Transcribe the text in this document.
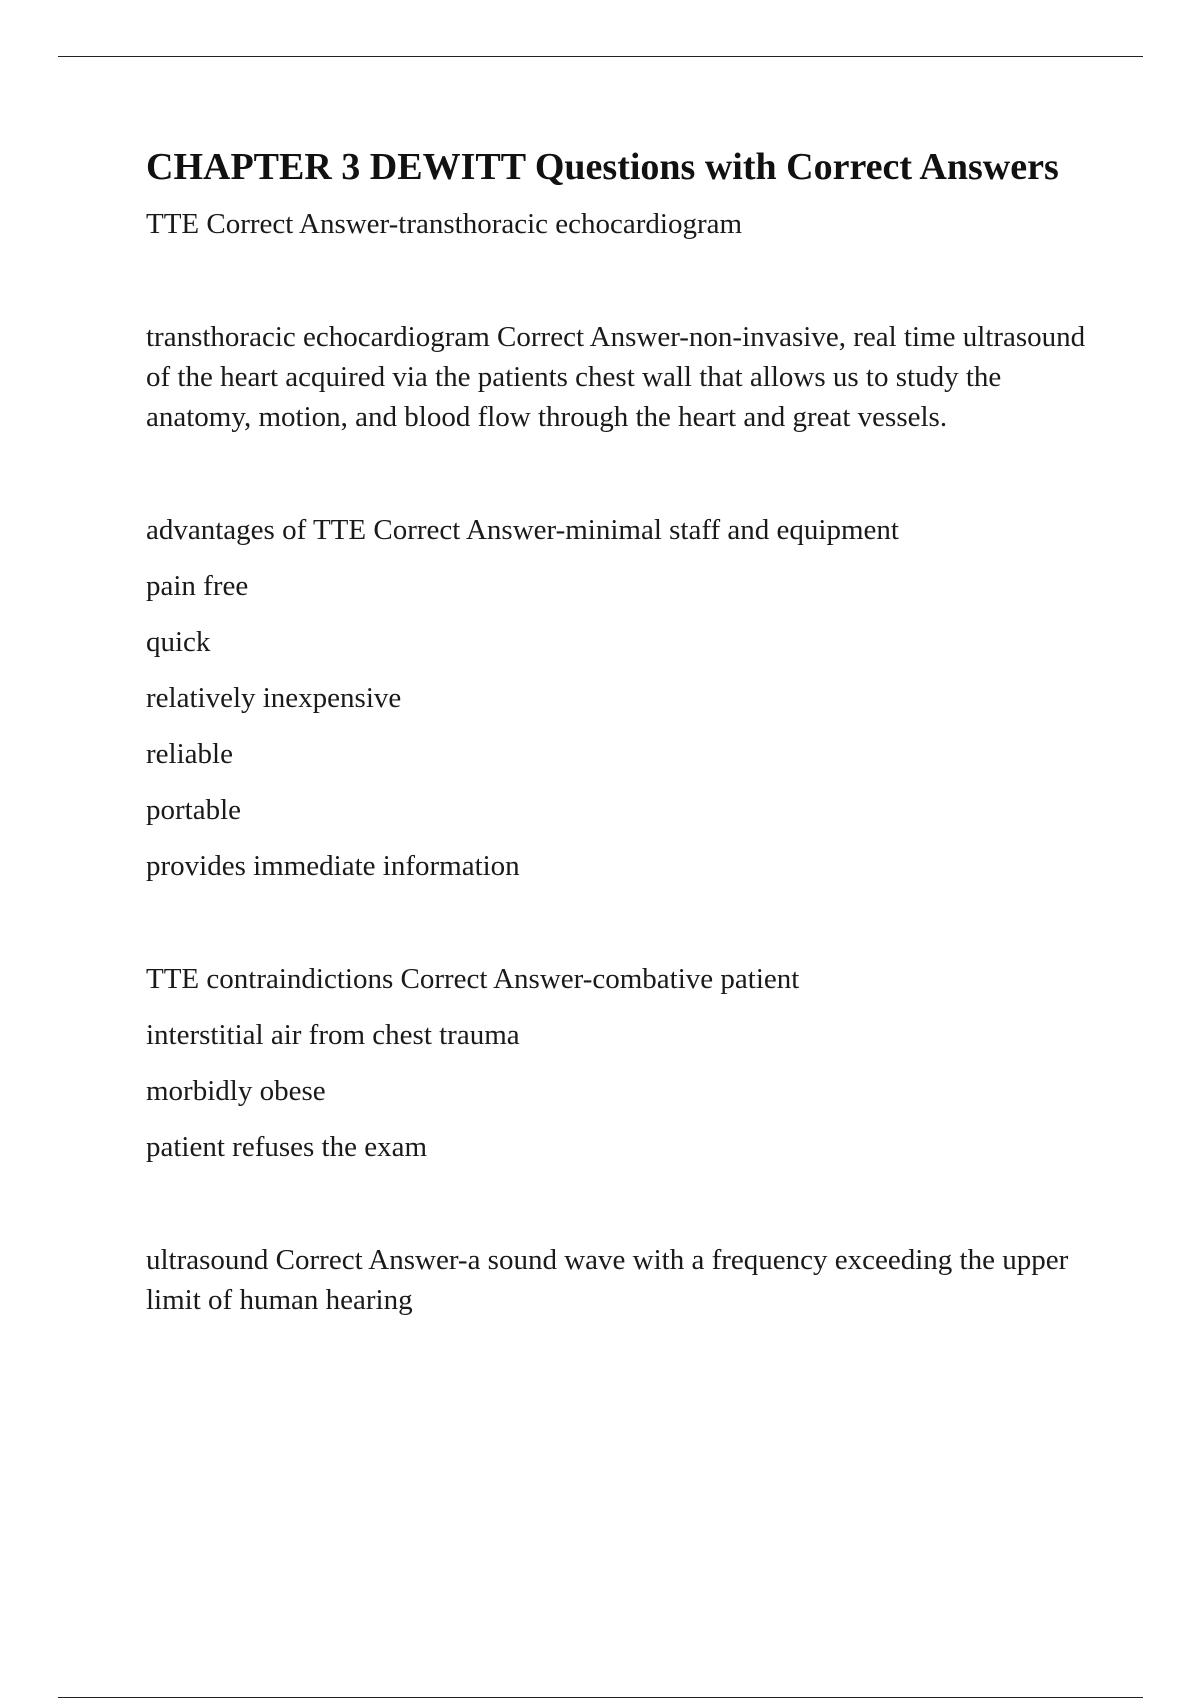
CHAPTER 3 DEWITT Questions with Correct Answers

TTE Correct Answer-transthoracic echocardiogram

transthoracic echocardiogram Correct Answer-non-invasive, real time ultrasound of the heart acquired via the patients chest wall that allows us to study the anatomy, motion, and blood flow through the heart and great vessels.

advantages of TTE Correct Answer-minimal staff and equipment

pain free

quick

relatively inexpensive

reliable

portable

provides immediate information

TTE contraindictions Correct Answer-combative patient

interstitial air from chest trauma

morbidly obese

patient refuses the exam

ultrasound Correct Answer-a sound wave with a frequency exceeding the upper limit of human hearing
